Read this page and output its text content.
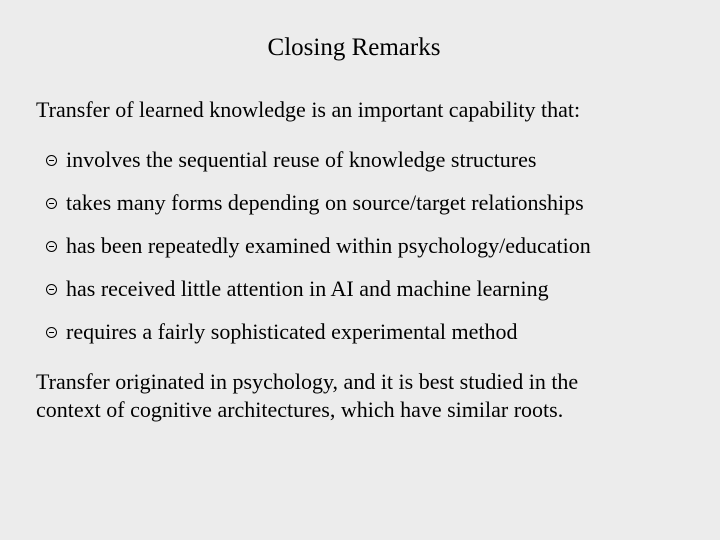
Closing Remarks
Transfer of learned knowledge is an important capability that:
involves the sequential reuse of knowledge structures
takes many forms depending on source/target relationships
has been repeatedly examined within psychology/education
has received little attention in AI and machine learning
requires a fairly sophisticated experimental method
Transfer originated in psychology, and it is best studied in the
context of cognitive architectures, which have similar roots.
